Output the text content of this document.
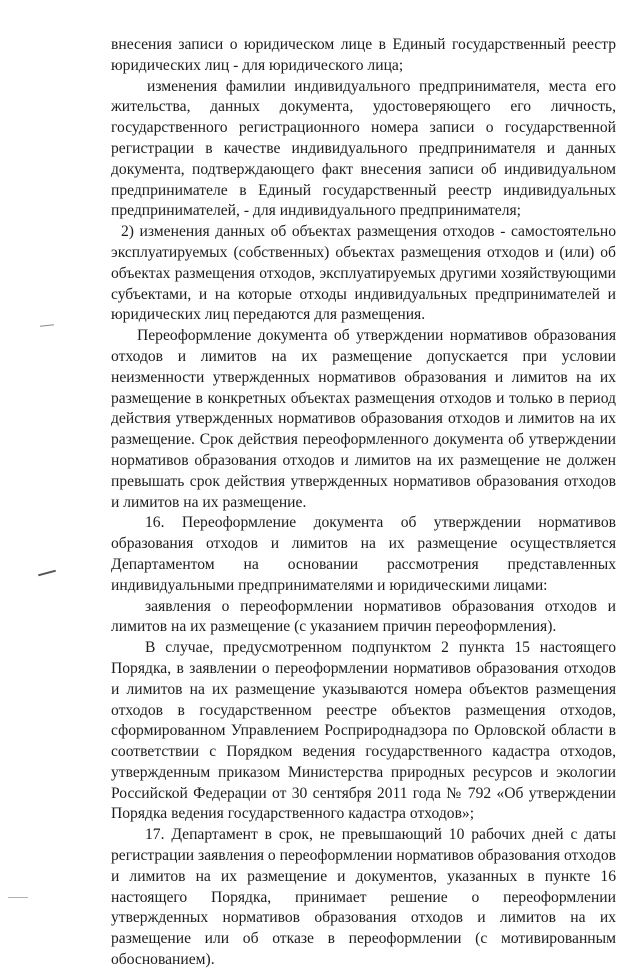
внесения записи о юридическом лице в Единый государственный реестр юридических лиц - для юридического лица;

изменения фамилии индивидуального предпринимателя, места его жительства, данных документа, удостоверяющего его личность, государственного регистрационного номера записи о государственной регистрации в качестве индивидуального предпринимателя и данных документа, подтверждающего факт внесения записи об индивидуальном предпринимателе в Единый государственный реестр индивидуальных предпринимателей, - для индивидуального предпринимателя;

2) изменения данных об объектах размещения отходов - самостоятельно эксплуатируемых (собственных) объектах размещения отходов и (или) об объектах размещения отходов, эксплуатируемых другими хозяйствующими субъектами, и на которые отходы индивидуальных предпринимателей и юридических лиц передаются для размещения.

Переоформление документа об утверждении нормативов образования отходов и лимитов на их размещение допускается при условии неизменности утвержденных нормативов образования и лимитов на их размещение в конкретных объектах размещения отходов и только в период действия утвержденных нормативов образования отходов и лимитов на их размещение. Срок действия переоформленного документа об утверждении нормативов образования отходов и лимитов на их размещение не должен превышать срок действия утвержденных нормативов образования отходов и лимитов на их размещение.

16. Переоформление документа об утверждении нормативов образования отходов и лимитов на их размещение осуществляется Департаментом на основании рассмотрения представленных индивидуальными предпринимателями и юридическими лицами:

заявления о переоформлении нормативов образования отходов и лимитов на их размещение (с указанием причин переоформления).

В случае, предусмотренном подпунктом 2 пункта 15 настоящего Порядка, в заявлении о переоформлении нормативов образования отходов и лимитов на их размещение указываются номера объектов размещения отходов в государственном реестре объектов размещения отходов, сформированном Управлением Росприроднадзора по Орловской области в соответствии с Порядком ведения государственного кадастра отходов, утвержденным приказом Министерства природных ресурсов и экологии Российской Федерации от 30 сентября 2011 года № 792 «Об утверждении Порядка ведения государственного кадастра отходов»;

17. Департамент в срок, не превышающий 10 рабочих дней с даты регистрации заявления о переоформлении нормативов образования отходов и лимитов на их размещение и документов, указанных в пункте 16 настоящего Порядка, принимает решение о переоформлении утвержденных нормативов образования отходов и лимитов на их размещение или об отказе в переоформлении (с мотивированным обоснованием).
